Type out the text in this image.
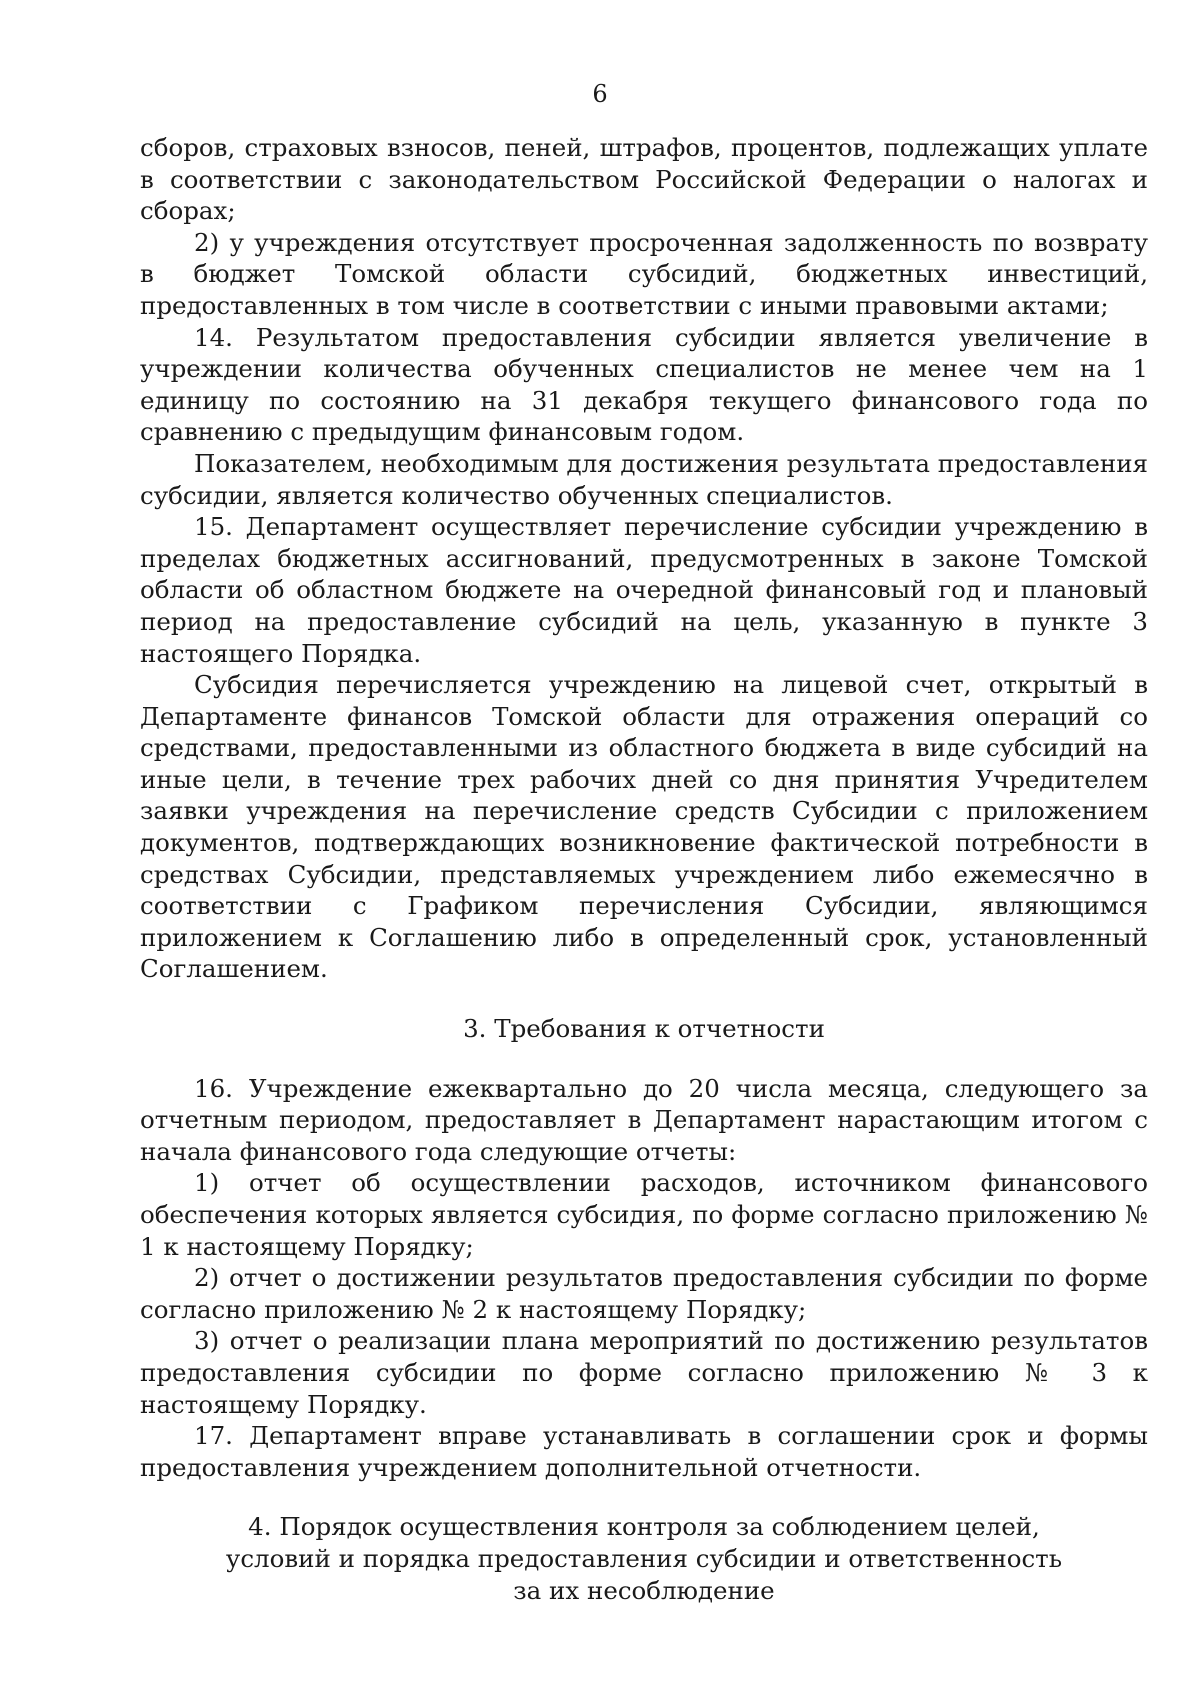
6

сборов, страховых взносов, пеней, штрафов, процентов, подлежащих уплате в соответствии с законодательством Российской Федерации о налогах и сборах;

2) у учреждения отсутствует просроченная задолженность по возврату в бюджет Томской области субсидий, бюджетных инвестиций, предоставленных в том числе в соответствии с иными правовыми актами;

14. Результатом предоставления субсидии является увеличение в учреждении количества обученных специалистов не менее чем на 1 единицу по состоянию на 31 декабря текущего финансового года по сравнению с предыдущим финансовым годом.

Показателем, необходимым для достижения результата предоставления субсидии, является количество обученных специалистов.

15. Департамент осуществляет перечисление субсидии учреждению в пределах бюджетных ассигнований, предусмотренных в законе Томской области об областном бюджете на очередной финансовый год и плановый период на предоставление субсидий на цель, указанную в пункте 3 настоящего Порядка.

Субсидия перечисляется учреждению на лицевой счет, открытый в Департаменте финансов Томской области для отражения операций со средствами, предоставленными из областного бюджета в виде субсидий на иные цели, в течение трех рабочих дней со дня принятия Учредителем заявки учреждения на перечисление средств Субсидии с приложением документов, подтверждающих возникновение фактической потребности в средствах Субсидии, представляемых учреждением либо ежемесячно в соответствии с Графиком перечисления Субсидии, являющимся приложением к Соглашению либо в определенный срок, установленный Соглашением.

3. Требования к отчетности

16. Учреждение ежеквартально до 20 числа месяца, следующего за отчетным периодом, предоставляет в Департамент нарастающим итогом с начала финансового года следующие отчеты:

1) отчет об осуществлении расходов, источником финансового обеспечения которых является субсидия, по форме согласно приложению № 1 к настоящему Порядку;

2) отчет о достижении результатов предоставления субсидии по форме согласно приложению № 2 к настоящему Порядку;

3) отчет о реализации плана мероприятий по достижению результатов предоставления субсидии по форме согласно приложению № 3 к настоящему Порядку.

17. Департамент вправе устанавливать в соглашении срок и формы предоставления учреждением дополнительной отчетности.

4. Порядок осуществления контроля за соблюдением целей,
условий и порядка предоставления субсидии и ответственность
за их несоблюдение
